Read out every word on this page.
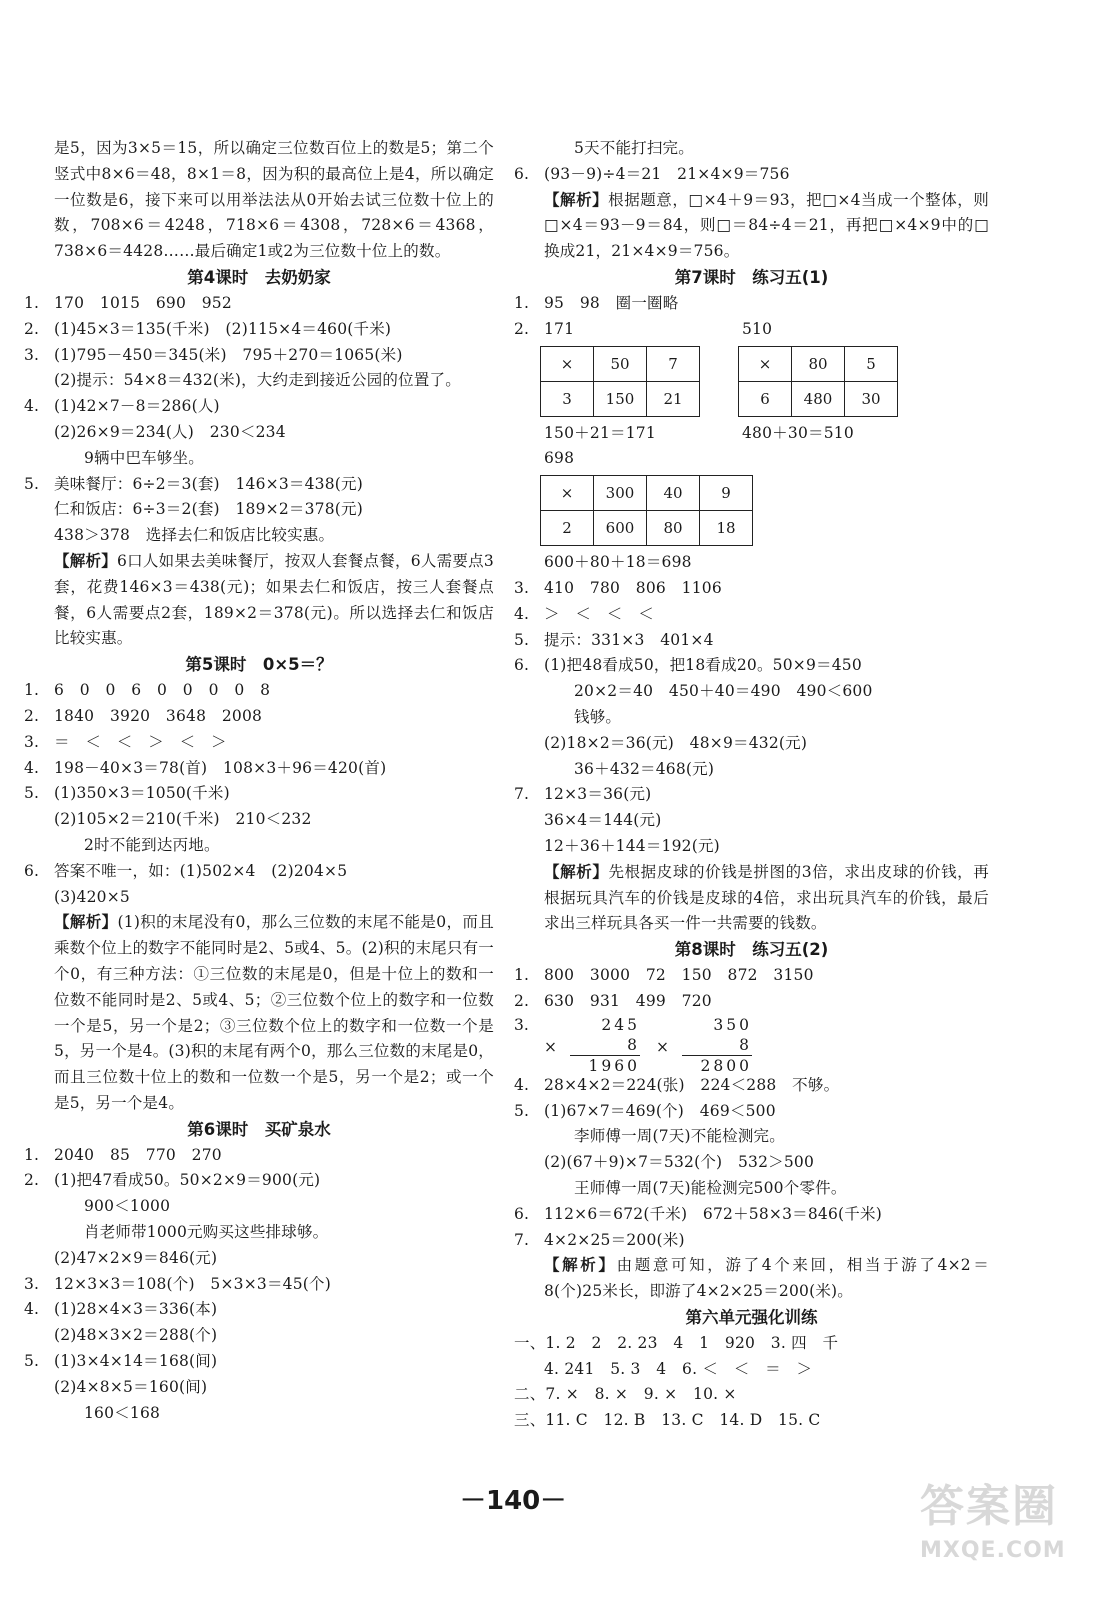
是5，因为3×5＝15，所以确定三位数百位上的数是5；第二个竖式中8×6＝48，8×1＝8，因为积的最高位上是4，所以确定一位数是6，接下来可以用举法法从0开始去试三位数十位上的数，708×6＝4248，718×6＝4308，728×6＝4368，738×6＝4428……最后确定1或2为三位数十位上的数。
第4课时　去奶奶家
1. 170　1015　690　952
2. (1)45×3＝135(千米)　(2)115×4＝460(千米)
3. (1)795－450＝345(米)　795＋270＝1065(米)
(2)提示：54×8＝432(米)，大约走到接近公园的位置了。
4. (1)42×7－8＝286(人)
(2)26×9＝234(人)　230＜234
9辆中巴车够坐。
5. 美味餐厅：6÷2＝3(套)　146×3＝438(元)
仁和饭店：6÷3＝2(套)　189×2＝378(元)
438＞378　选择去仁和饭店比较实惠。
【解析】6口人如果去美味餐厅，按双人套餐点餐，6人需要点3套，花费146×3＝438(元)；如果去仁和饭店，按三人套餐点餐，6人需要点2套，189×2＝378(元)。所以选择去仁和饭店比较实惠。
第5课时　0×5＝？
1. 6　0　0　6　0　0　0　0　8
2. 1840　3920　3648　2008
3. ＝　＜　＜　＞　＜　＞
4. 198－40×3＝78(首)　108×3＋96＝420(首)
5. (1)350×3＝1050(千米)
(2)105×2＝210(千米)　210＜232
2时不能到达丙地。
6. 答案不唯一，如：(1)502×4　(2)204×5
(3)420×5
【解析】(1)积的末尾没有0，那么三位数的末尾不能是0，而且乘数个位上的数字不能同时是2、5或4、5。(2)积的末尾只有一个0，有三种方法：①三位数的末尾是0，但是十位上的数和一位数不能同时是2、5或4、5；②三位数个位上的数字和一位数一个是5，另一个是2；③三位数个位上的数字和一位数一个是5，另一个是4。(3)积的末尾有两个0，那么三位数的末尾是0，而且三位数十位上的数和一位数一个是5，另一个是2；或一个是5，另一个是4。
第6课时　买矿泉水
1. 2040　85　770　270
2. (1)把47看成50。50×2×9＝900(元)
900＜1000
肖老师带1000元购买这些排球够。
(2)47×2×9＝846(元)
3. 12×3×3＝108(个)　5×3×3＝45(个)
4. (1)28×4×3＝336(本)
(2)48×3×2＝288(个)
5. (1)3×4×14＝168(间)
(2)4×8×5＝160(间)
160＜168
5天不能打扫完。
6. (93－9)÷4＝21　21×4×9＝756
【解析】根据题意，□×4＋9＝93，把□×4当成一个整体，则□×4＝93－9＝84，则□＝84÷4＝21，再把□×4×9中的□换成21，21×4×9＝756。
第7课时　练习五(1)
1. 95　98　圈一圈略
2. 171
×	50	7
3	150	21
150＋21＝171
510
×	80	5
6	480	30
480＋30＝510
698
×	300	40	9
2	600	80	18
600＋80＋18＝698
3. 410　780　806　1106
4. ＞　＜　＜　＜
5. 提示：331×3　401×4
6. (1)把48看成50，把18看成20。50×9＝450
20×2＝40　450＋40＝490　490＜600
钱够。
(2)18×2＝36(元)　48×9＝432(元)
36＋432＝468(元)
7. 12×3＝36(元)
36×4＝144(元)
12＋36＋144＝192(元)
【解析】先根据皮球的价钱是拼图的3倍，求出皮球的价钱，再根据玩具汽车的价钱是皮球的4倍，求出玩具汽车的价钱，最后求出三样玩具各买一件一共需要的钱数。
第8课时　练习五(2)
1. 800　3000　72　150　872　3150
2. 630　931　499　720
3.
×
245
8
1960
×
350
8
2800
4. 28×4×2＝224(张)　224＜288　不够。
5. (1)67×7＝469(个)　469＜500
李师傅一周(7天)不能检测完。
(2)(67＋9)×7＝532(个)　532＞500
王师傅一周(7天)能检测完500个零件。
6. 112×6＝672(千米)　672＋58×3＝846(千米)
7. 4×2×25＝200(米)
【解析】由题意可知，游了4个来回，相当于游了4×2＝8(个)25米长，即游了4×2×25＝200(米)。
第六单元强化训练
一、1. 2　2　2. 23　4　1　920　3. 四　千
4. 241　5. 3　4　6. ＜　＜　＝　＞
二、7. ×　8. ×　9. ×　10. ×
三、11. C　12. B　13. C　14. D　15. C
－140－	答案圈
MXQE.COM
